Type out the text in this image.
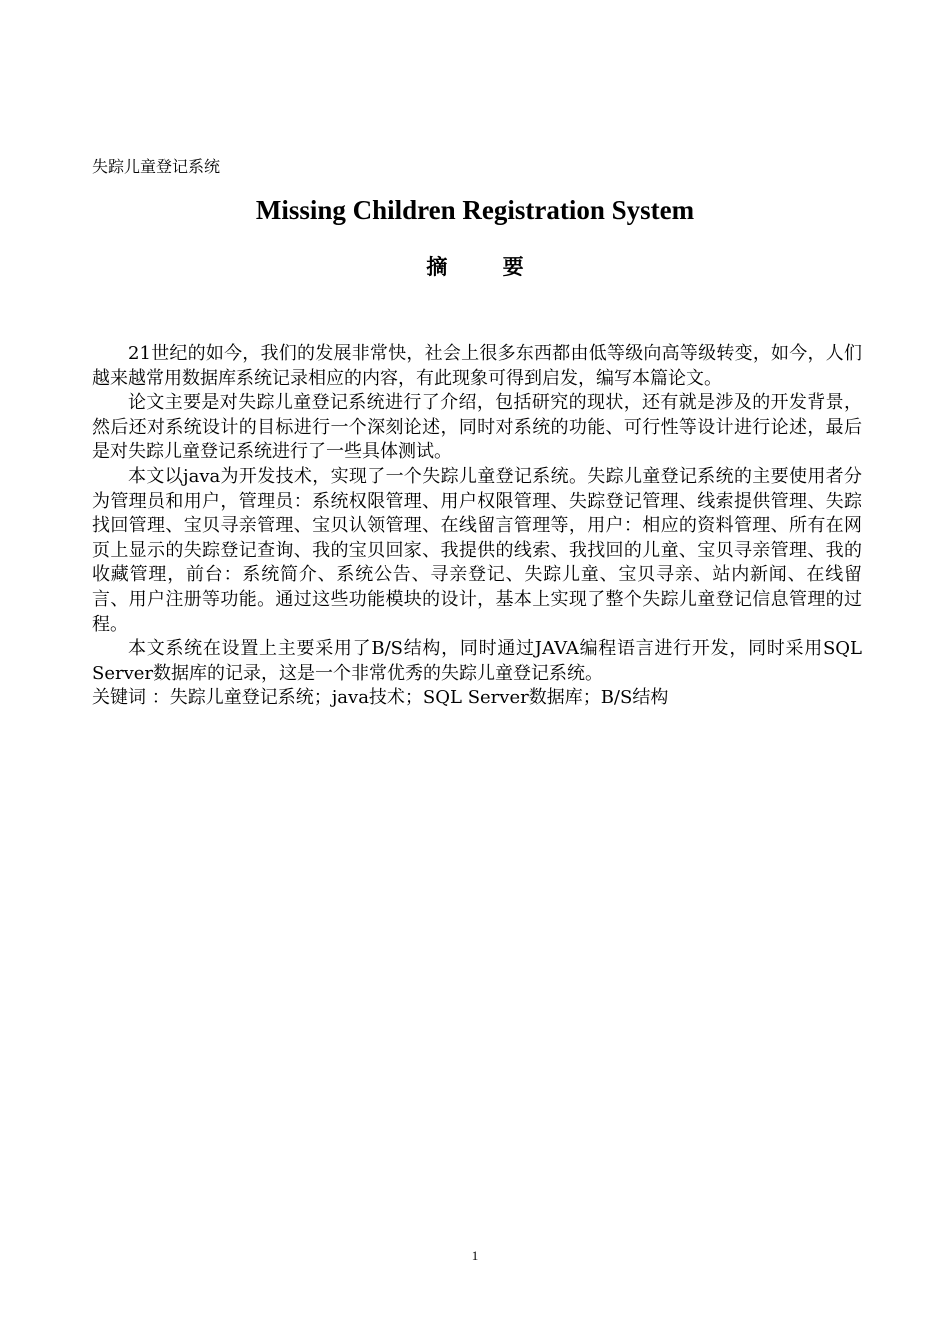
失踪儿童登记系统
Missing Children Registration System
摘 要

21世纪的如今，我们的发展非常快，社会上很多东西都由低等级向高等级转变，如今，人们越来越常用数据库系统记录相应的内容，有此现象可得到启发，编写本篇论文。

论文主要是对失踪儿童登记系统进行了介绍，包括研究的现状，还有就是涉及的开发背景，然后还对系统设计的目标进行一个深刻论述，同时对系统的功能、可行性等设计进行论述，最后是对失踪儿童登记系统进行了一些具体测试。

本文以java为开发技术，实现了一个失踪儿童登记系统。失踪儿童登记系统的主要使用者分为管理员和用户，管理员：系统权限管理、用户权限管理、失踪登记管理、线索提供管理、失踪找回管理、宝贝寻亲管理、宝贝认领管理、在线留言管理等，用户：相应的资料管理、所有在网页上显示的失踪登记查询、我的宝贝回家、我提供的线索、我找回的儿童、宝贝寻亲管理、我的收藏管理，前台：系统简介、系统公告、寻亲登记、失踪儿童、宝贝寻亲、站内新闻、在线留言、用户注册等功能。通过这些功能模块的设计，基本上实现了整个失踪儿童登记信息管理的过程。

本文系统在设置上主要采用了B/S结构，同时通过JAVA编程语言进行开发，同时采用SQL Server数据库的记录，这是一个非常优秀的失踪儿童登记系统。

关键词 ：失踪儿童登记系统；java技术；SQL Server数据库；B/S结构

1
